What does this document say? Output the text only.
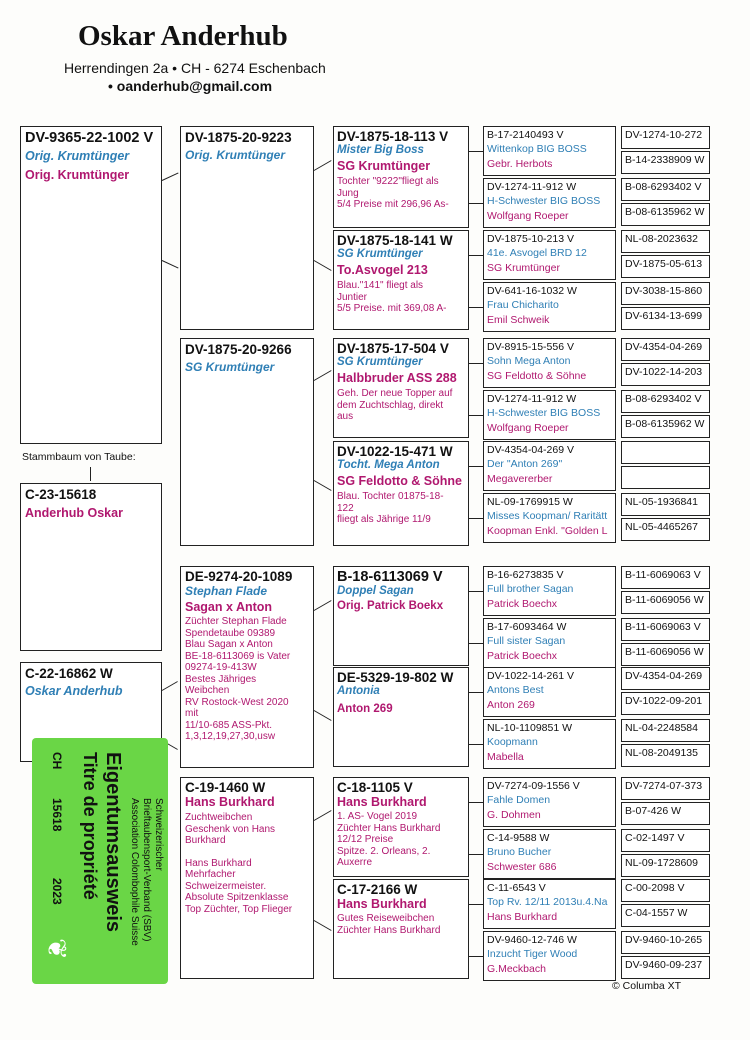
Oskar Anderhub
Herrendingen 2a • CH - 6274 Eschenbach
• oanderhub@gmail.com
DV-9365-22-1002 V
Orig. Krumtünger
Orig. Krumtünger
Stammbaum von Taube:
C-23-15618
Anderhub Oskar
C-22-16862 W
Oskar Anderhub
DV-1875-20-9223
Orig. Krumtünger
DV-1875-20-9266
SG Krumtünger
DV-1875-18-113 V
Mister Big Boss
SG Krumtünger
Tochter "9222"fliegt als
Jung
5/4 Preise mit 296,96 As-
DV-1875-18-141 W
SG Krumtünger
To.Asvogel 213
Blau."141" fliegt als
Juntier
5/5 Preise. mit 369,08 A-
DV-1875-17-504 V
SG Krumtünger
Halbbruder ASS 288
Geh. Der neue Topper auf
dem Zuchtschlag, direkt
aus
DV-1022-15-471 W
Tocht. Mega Anton
SG Feldotto & Söhne
Blau. Tochter 01875-18-
122
fliegt als Jährige 11/9
B-17-2140493 V
Wittenkop BIG BOSS
Gebr. Herbots
DV-1274-11-912 W
H-Schwester BIG BOSS
Wolfgang Roeper
DV-1875-10-213 V
41e. Asvogel BRD 12
SG Krumtünger
DV-641-16-1032 W
Frau Chicharito
Emil Schweik
DV-8915-15-556 V
Sohn Mega Anton
SG Feldotto & Söhne
DV-1274-11-912 W
H-Schwester BIG BOSS
Wolfgang Roeper
DV-4354-04-269 V
Der "Anton 269"
Megavererber
NL-09-1769915 W
Misses Koopman/ Raritätt
Koopman Enkl. "Golden L
DV-1274-10-272
B-14-2338909 W
B-08-6293402 V
B-08-6135962 W
NL-08-2023632
DV-1875-05-613
DV-3038-15-860
DV-6134-13-699
DV-4354-04-269
DV-1022-14-203
B-08-6293402 V
B-08-6135962 W
NL-05-1936841
NL-05-4465267
DE-9274-20-1089
Stephan Flade
Sagan x Anton
Züchter Stephan Flade
Spendetaube 09389
Blau Sagan x Anton
BE-18-6113069 is Vater
09274-19-413W
Bestes Jähriges
Weibchen
RV Rostock-West 2020
mit
11/10-685 ASS-Pkt.
1,3,12,19,27,30,usw
C-19-1460 W
Hans Burkhard
Zuchtweibchen
Geschenk von Hans
Burkhard
Hans Burkhard
Mehrfacher
Schweizermeister.
Absolute Spitzenklasse
Top Züchter, Top Flieger
B-18-6113069 V
Doppel Sagan
Orig. Patrick Boekx
DE-5329-19-802 W
Antonia
Anton 269
C-18-1105 V
Hans Burkhard
1. AS- Vogel 2019
Züchter Hans Burkhard
12/12 Preise
Spitze. 2. Orleans, 2.
Auxerre
C-17-2166 W
Hans Burkhard
Gutes Reiseweibchen
Züchter Hans Burkhard
Schweizerischer
Brieftaubensport-Verband (SBV)
Association Colombophile Suisse
Eigentumsausweis
Titre de propriété
CH
15618
2023
❦
B-16-6273835 V
Full brother Sagan
Patrick Boechx
B-17-6093464 W
Full sister Sagan
Patrick Boechx
DV-1022-14-261 V
Antons Best
Anton 269
NL-10-1109851 W
Koopmann
Mabella
DV-7274-09-1556 V
Fahle Domen
G. Dohmen
C-14-9588 W
Bruno Bucher
Schwester 686
C-11-6543 V
Top Rv. 12/11 2013u.4.Na
Hans Burkhard
DV-9460-12-746 W
Inzucht Tiger Wood
G.Meckbach
B-11-6069063 V
B-11-6069056 W
B-11-6069063 V
B-11-6069056 W
DV-4354-04-269
DV-1022-09-201
NL-04-2248584
NL-08-2049135
DV-7274-07-373
B-07-426 W
C-02-1497 V
NL-09-1728609
C-00-2098 V
C-04-1557 W
DV-9460-10-265
DV-9460-09-237
© Columba XT
